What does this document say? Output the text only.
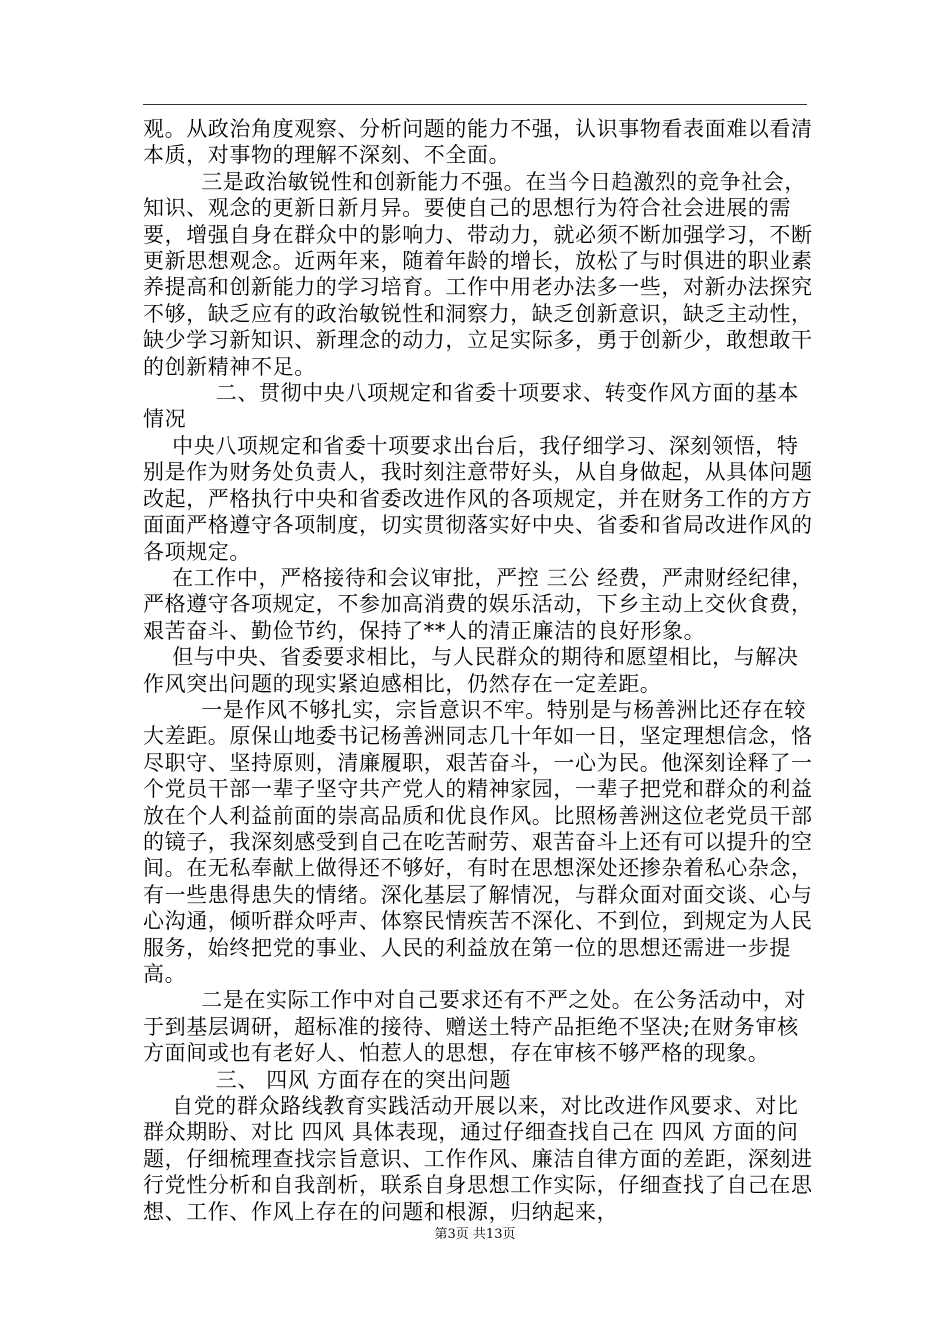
观。从政治角度观察、分析问题的能力不强，认识事物看表面难以看清本质，对事物的理解不深刻、不全面。

三是政治敏锐性和创新能力不强。在当今日趋激烈的竞争社会，知识、观念的更新日新月异。要使自己的思想行为符合社会进展的需要，增强自身在群众中的影响力、带动力，就必须不断加强学习，不断更新思想观念。近两年来，随着年龄的增长，放松了与时俱进的职业素养提高和创新能力的学习培育。工作中用老办法多一些，对新办法探究不够，缺乏应有的政治敏锐性和洞察力，缺乏创新意识，缺乏主动性，缺少学习新知识、新理念的动力，立足实际多，勇于创新少，敢想敢干的创新精神不足。

二、贯彻中央八项规定和省委十项要求、转变作风方面的基本情况

中央八项规定和省委十项要求出台后，我仔细学习、深刻领悟，特别是作为财务处负责人，我时刻注意带好头，从自身做起，从具体问题改起，严格执行中央和省委改进作风的各项规定，并在财务工作的方方面面严格遵守各项制度，切实贯彻落实好中央、省委和省局改进作风的各项规定。

在工作中，严格接待和会议审批，严控 三公 经费，严肃财经纪律，严格遵守各项规定，不参加高消费的娱乐活动，下乡主动上交伙食费，艰苦奋斗、勤俭节约，保持了**人的清正廉洁的良好形象。

但与中央、省委要求相比，与人民群众的期待和愿望相比，与解决作风突出问题的现实紧迫感相比，仍然存在一定差距。

一是作风不够扎实，宗旨意识不牢。特别是与杨善洲比还存在较大差距。原保山地委书记杨善洲同志几十年如一日，坚定理想信念，恪尽职守、坚持原则，清廉履职，艰苦奋斗，一心为民。他深刻诠释了一个党员干部一辈子坚守共产党人的精神家园，一辈子把党和群众的利益放在个人利益前面的崇高品质和优良作风。比照杨善洲这位老党员干部的镜子，我深刻感受到自己在吃苦耐劳、艰苦奋斗上还有可以提升的空间。在无私奉献上做得还不够好，有时在思想深处还掺杂着私心杂念，有一些患得患失的情绪。深化基层了解情况，与群众面对面交谈、心与心沟通，倾听群众呼声、体察民情疾苦不深化、不到位，到规定为人民服务，始终把党的事业、人民的利益放在第一位的思想还需进一步提高。

二是在实际工作中对自己要求还有不严之处。在公务活动中，对于到基层调研，超标准的接待、赠送土特产品拒绝不坚决;在财务审核方面间或也有老好人、怕惹人的思想，存在审核不够严格的现象。

三、 四风 方面存在的突出问题

自党的群众路线教育实践活动开展以来，对比改进作风要求、对比群众期盼、对比 四风 具体表现，通过仔细查找自己在 四风 方面的问题，仔细梳理查找宗旨意识、工作作风、廉洁自律方面的差距，深刻进行党性分析和自我剖析，联系自身思想工作实际，仔细查找了自己在思想、工作、作风上存在的问题和根源，归纳起来，

第3页 共13页
